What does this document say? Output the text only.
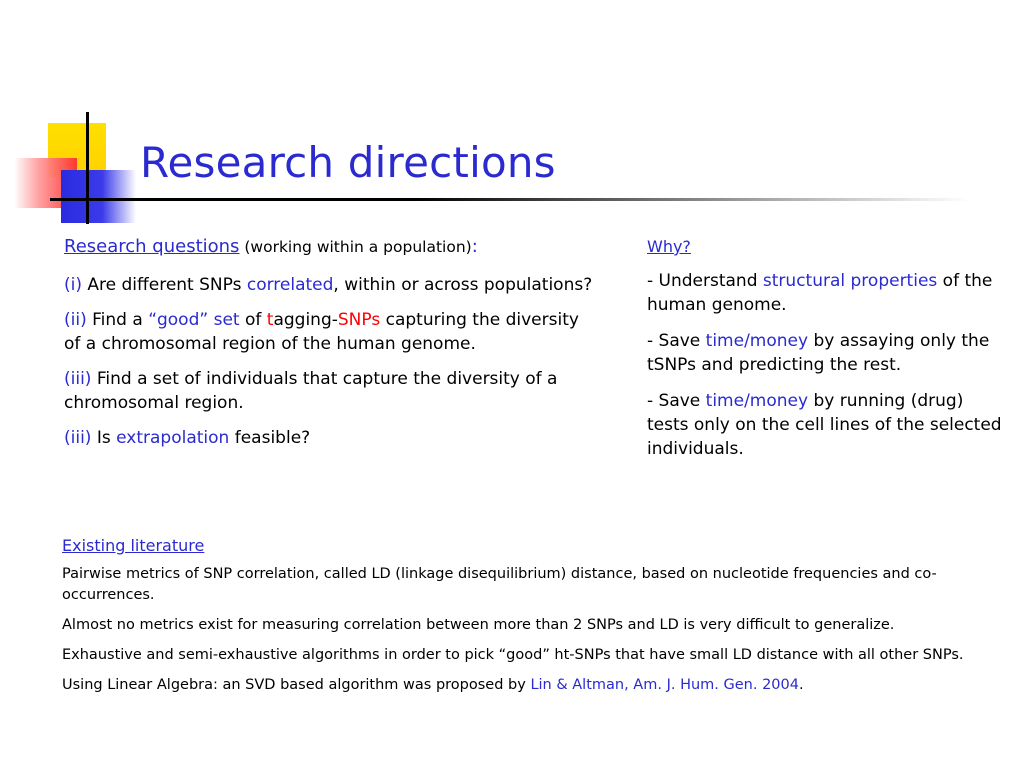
Research directions

Research questions (working within a population):

(i) Are different SNPs correlated, within or across populations?

(ii) Find a “good” set of tagging-SNPs capturing the diversity of a chromosomal region of the human genome.

(iii) Find a set of individuals that capture the diversity of a chromosomal region.

(iii) Is extrapolation feasible?

Why?

- Understand structural properties of the human genome.

- Save time/money by assaying only the tSNPs and predicting the rest.

- Save time/money by running (drug) tests only on the cell lines of the selected individuals.

Existing literature

Pairwise metrics of SNP correlation, called LD (linkage disequilibrium) distance, based on nucleotide frequencies and co-occurrences.

Almost no metrics exist for measuring correlation between more than 2 SNPs and LD is very difficult to generalize.

Exhaustive and semi-exhaustive algorithms in order to pick “good” ht-SNPs that have small LD distance with all other SNPs.

Using Linear Algebra: an SVD based algorithm was proposed by Lin & Altman, Am. J. Hum. Gen. 2004.
